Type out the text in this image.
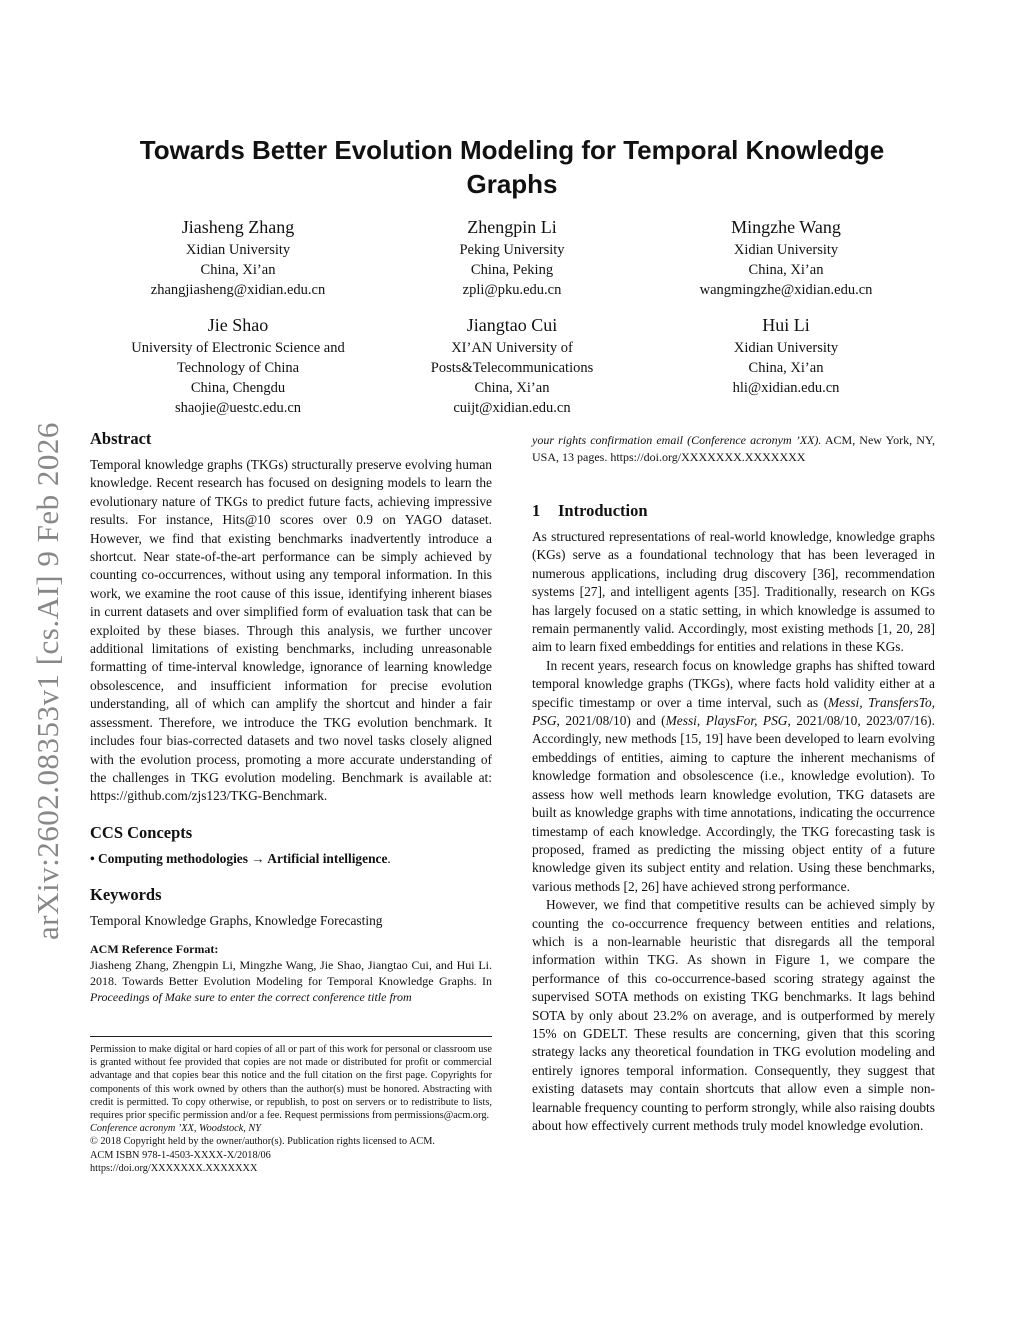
arXiv:2602.08353v1 [cs.AI] 9 Feb 2026
Towards Better Evolution Modeling for Temporal Knowledge Graphs
Jiasheng Zhang
Xidian University
China, Xi’an
zhangjiasheng@xidian.edu.cn
Zhengpin Li
Peking University
China, Peking
zpli@pku.edu.cn
Mingzhe Wang
Xidian University
China, Xi’an
wangmingzhe@xidian.edu.cn
Jie Shao
University of Electronic Science and
Technology of China
China, Chengdu
shaojie@uestc.edu.cn
Jiangtao Cui
XI’AN University of
Posts&Telecommunications
China, Xi’an
cuijt@xidian.edu.cn
Hui Li
Xidian University
China, Xi’an
hli@xidian.edu.cn
Abstract

Temporal knowledge graphs (TKGs) structurally preserve evolving human knowledge. Recent research has focused on designing models to learn the evolutionary nature of TKGs to predict future facts, achieving impressive results. For instance, Hits@10 scores over 0.9 on YAGO dataset. However, we find that existing benchmarks inadvertently introduce a shortcut. Near state-of-the-art performance can be simply achieved by counting co-occurrences, without using any temporal information. In this work, we examine the root cause of this issue, identifying inherent biases in current datasets and over simplified form of evaluation task that can be exploited by these biases. Through this analysis, we further uncover additional limitations of existing benchmarks, including unreasonable formatting of time-interval knowledge, ignorance of learning knowledge obsolescence, and insufficient information for precise evolution understanding, all of which can amplify the shortcut and hinder a fair assessment. Therefore, we introduce the TKG evolution benchmark. It includes four bias-corrected datasets and two novel tasks closely aligned with the evolution process, promoting a more accurate understanding of the challenges in TKG evolution modeling. Benchmark is available at: https://github.com/zjs123/TKG-Benchmark.

CCS Concepts

• Computing methodologies → Artificial intelligence.

Keywords

Temporal Knowledge Graphs, Knowledge Forecasting

ACM Reference Format:

Jiasheng Zhang, Zhengpin Li, Mingzhe Wang, Jie Shao, Jiangtao Cui, and Hui Li. 2018. Towards Better Evolution Modeling for Temporal Knowledge Graphs. In Proceedings of Make sure to enter the correct conference title from

Permission to make digital or hard copies of all or part of this work for personal or classroom use is granted without fee provided that copies are not made or distributed for profit or commercial advantage and that copies bear this notice and the full citation on the first page. Copyrights for components of this work owned by others than the author(s) must be honored. Abstracting with credit is permitted. To copy otherwise, or republish, to post on servers or to redistribute to lists, requires prior specific permission and/or a fee. Request permissions from permissions@acm.org.

Conference acronym ’XX, Woodstock, NY

© 2018 Copyright held by the owner/author(s). Publication rights licensed to ACM.

ACM ISBN 978-1-4503-XXXX-X/2018/06

https://doi.org/XXXXXXX.XXXXXXX

your rights confirmation email (Conference acronym ’XX). ACM, New York, NY, USA, 13 pages. https://doi.org/XXXXXXX.XXXXXXX

1 Introduction

As structured representations of real-world knowledge, knowledge graphs (KGs) serve as a foundational technology that has been leveraged in numerous applications, including drug discovery [36], recommendation systems [27], and intelligent agents [35]. Traditionally, research on KGs has largely focused on a static setting, in which knowledge is assumed to remain permanently valid. Accordingly, most existing methods [1, 20, 28] aim to learn fixed embeddings for entities and relations in these KGs.

In recent years, research focus on knowledge graphs has shifted toward temporal knowledge graphs (TKGs), where facts hold validity either at a specific timestamp or over a time interval, such as (Messi, TransfersTo, PSG, 2021/08/10) and (Messi, PlaysFor, PSG, 2021/08/10, 2023/07/16). Accordingly, new methods [15, 19] have been developed to learn evolving embeddings of entities, aiming to capture the inherent mechanisms of knowledge formation and obsolescence (i.e., knowledge evolution). To assess how well methods learn knowledge evolution, TKG datasets are built as knowledge graphs with time annotations, indicating the occurrence timestamp of each knowledge. Accordingly, the TKG forecasting task is proposed, framed as predicting the missing object entity of a future knowledge given its subject entity and relation. Using these benchmarks, various methods [2, 26] have achieved strong performance.

However, we find that competitive results can be achieved simply by counting the co-occurrence frequency between entities and relations, which is a non-learnable heuristic that disregards all the temporal information within TKG. As shown in Figure 1, we compare the performance of this co-occurrence-based scoring strategy against the supervised SOTA methods on existing TKG benchmarks. It lags behind SOTA by only about 23.2% on average, and is outperformed by merely 15% on GDELT. These results are concerning, given that this scoring strategy lacks any theoretical foundation in TKG evolution modeling and entirely ignores temporal information. Consequently, they suggest that existing datasets may contain shortcuts that allow even a simple non-learnable frequency counting to perform strongly, while also raising doubts about how effectively current methods truly model knowledge evolution.
